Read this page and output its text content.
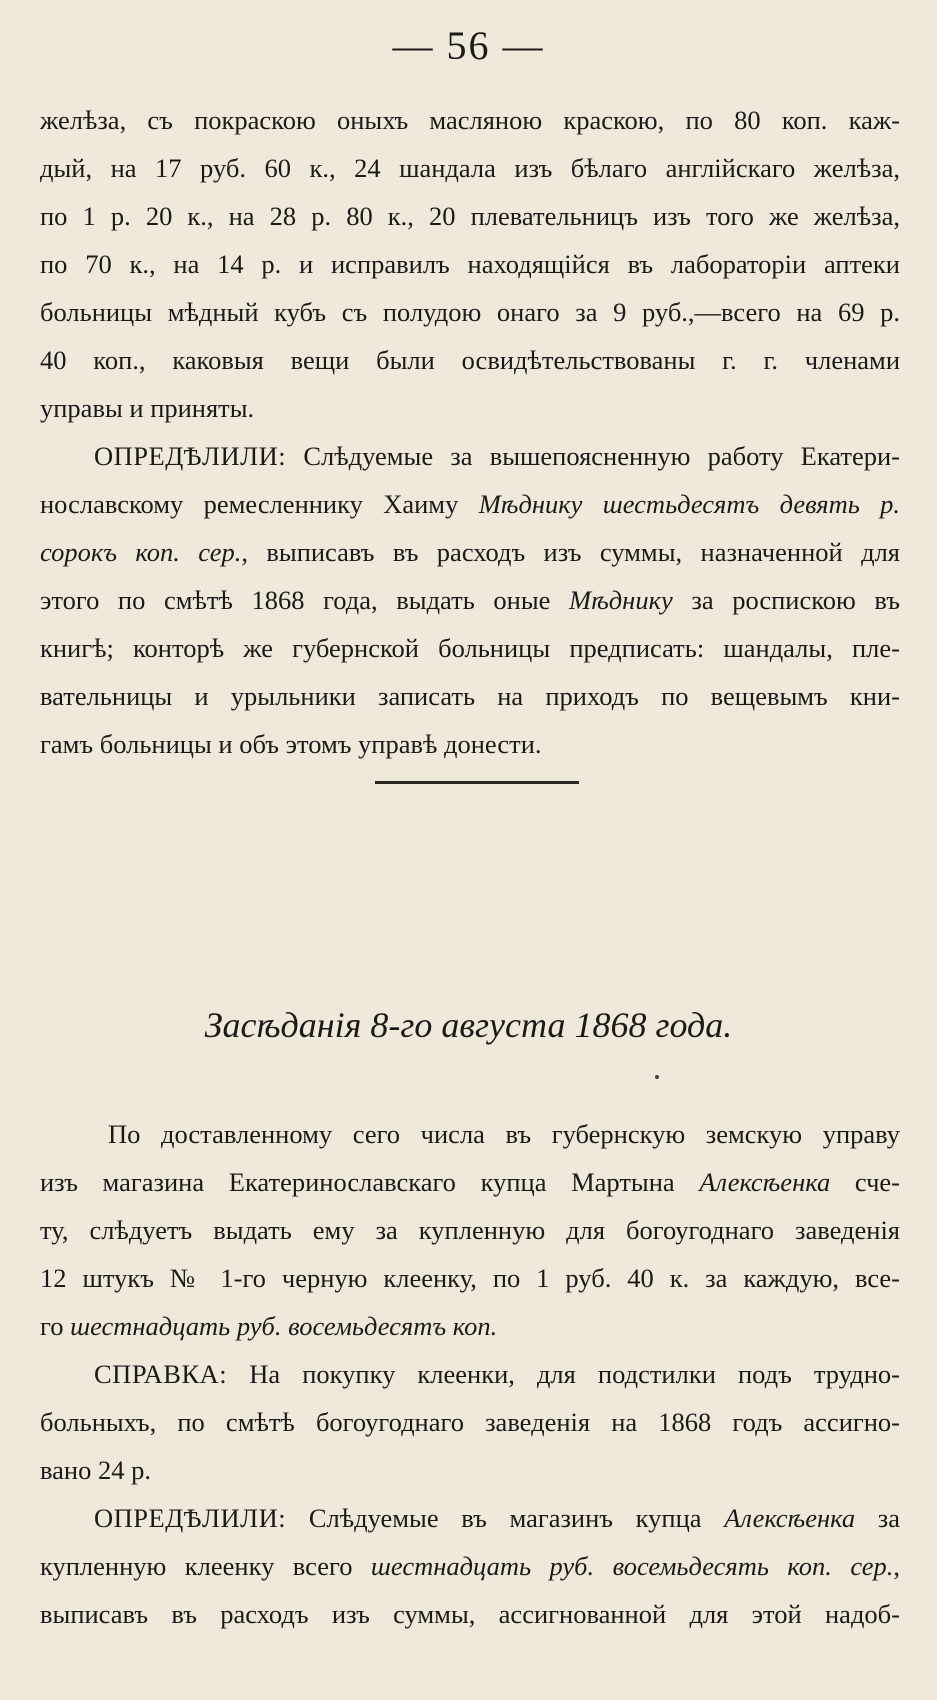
— 56 —
желѣза, съ покраскою оныхъ масляною краскою, по 80 коп. каж-
дый, на 17 руб. 60 к., 24 шандала изъ бѣлаго англійскаго желѣза,
по 1 р. 20 к., на 28 р. 80 к., 20 плевательницъ изъ того же желѣза,
по 70 к., на 14 р. и исправилъ находящійся въ лабораторіи аптеки
больницы мѣдный кубъ съ полудою онаго за 9 руб.,—всего на 69 р.
40 коп., каковыя вещи были освидѣтельствованы г. г. членами
управы и приняты.
ОПРЕДѢЛИЛИ: Слѣдуемые за вышепоясненную работу Екатери-
нославскому ремесленнику Хаиму Мѣднику шестьдесятъ девять р.
сорокъ коп. сер., выписавъ въ расходъ изъ суммы, назначенной для
этого по смѣтѣ 1868 года, выдать оные Мѣднику за роспискою въ
книгѣ; конторѣ же губернской больницы предписать: шандалы, пле-
вательницы и урыльники записать на приходъ по вещевымъ кни-
гамъ больницы и объ этомъ управѣ донести.
Засѣданія 8-го августа 1868 года.
По доставленному сего числа въ губернскую земскую управу
изъ магазина Екатеринославскаго купца Мартына Алексѣенка сче-
ту, слѣдуетъ выдать ему за купленную для богоугоднаго заведенія
12 штукъ № 1-го черную клеенку, по 1 руб. 40 к. за каждую, все-
го шестнадцать руб. восемьдесятъ коп.
СПРАВКА: На покупку клеенки, для подстилки подъ трудно-
больныхъ, по смѣтѣ богоугоднаго заведенія на 1868 годъ ассигно-
вано 24 р.
ОПРЕДѢЛИЛИ: Слѣдуемые въ магазинъ купца Алексѣенка за
купленную клеенку всего шестнадцать руб. восемьдесять коп. сер.,
выписавъ въ расходъ изъ суммы, ассигнованной для этой надоб-
